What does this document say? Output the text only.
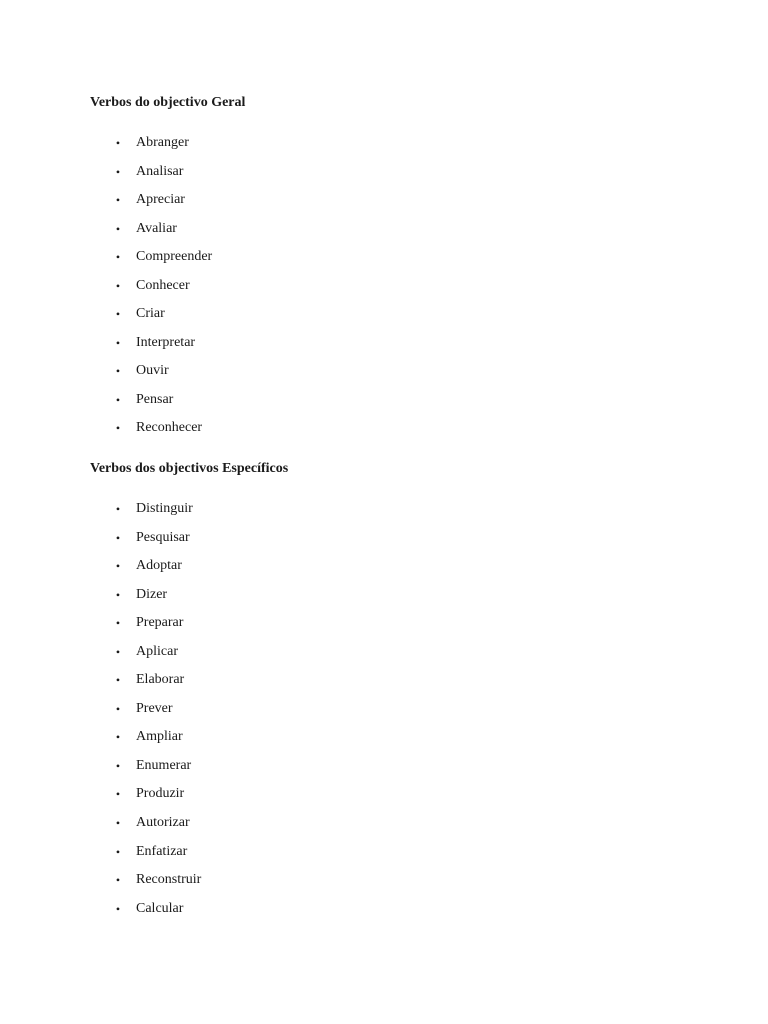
Verbos do objectivo Geral
• Abranger
• Analisar
• Apreciar
• Avaliar
• Compreender
• Conhecer
• Criar
• Interpretar
• Ouvir
• Pensar
• Reconhecer
Verbos dos objectivos Específicos
• Distinguir
• Pesquisar
• Adoptar
• Dizer
• Preparar
• Aplicar
• Elaborar
• Prever
• Ampliar
• Enumerar
• Produzir
• Autorizar
• Enfatizar
• Reconstruir
• Calcular
